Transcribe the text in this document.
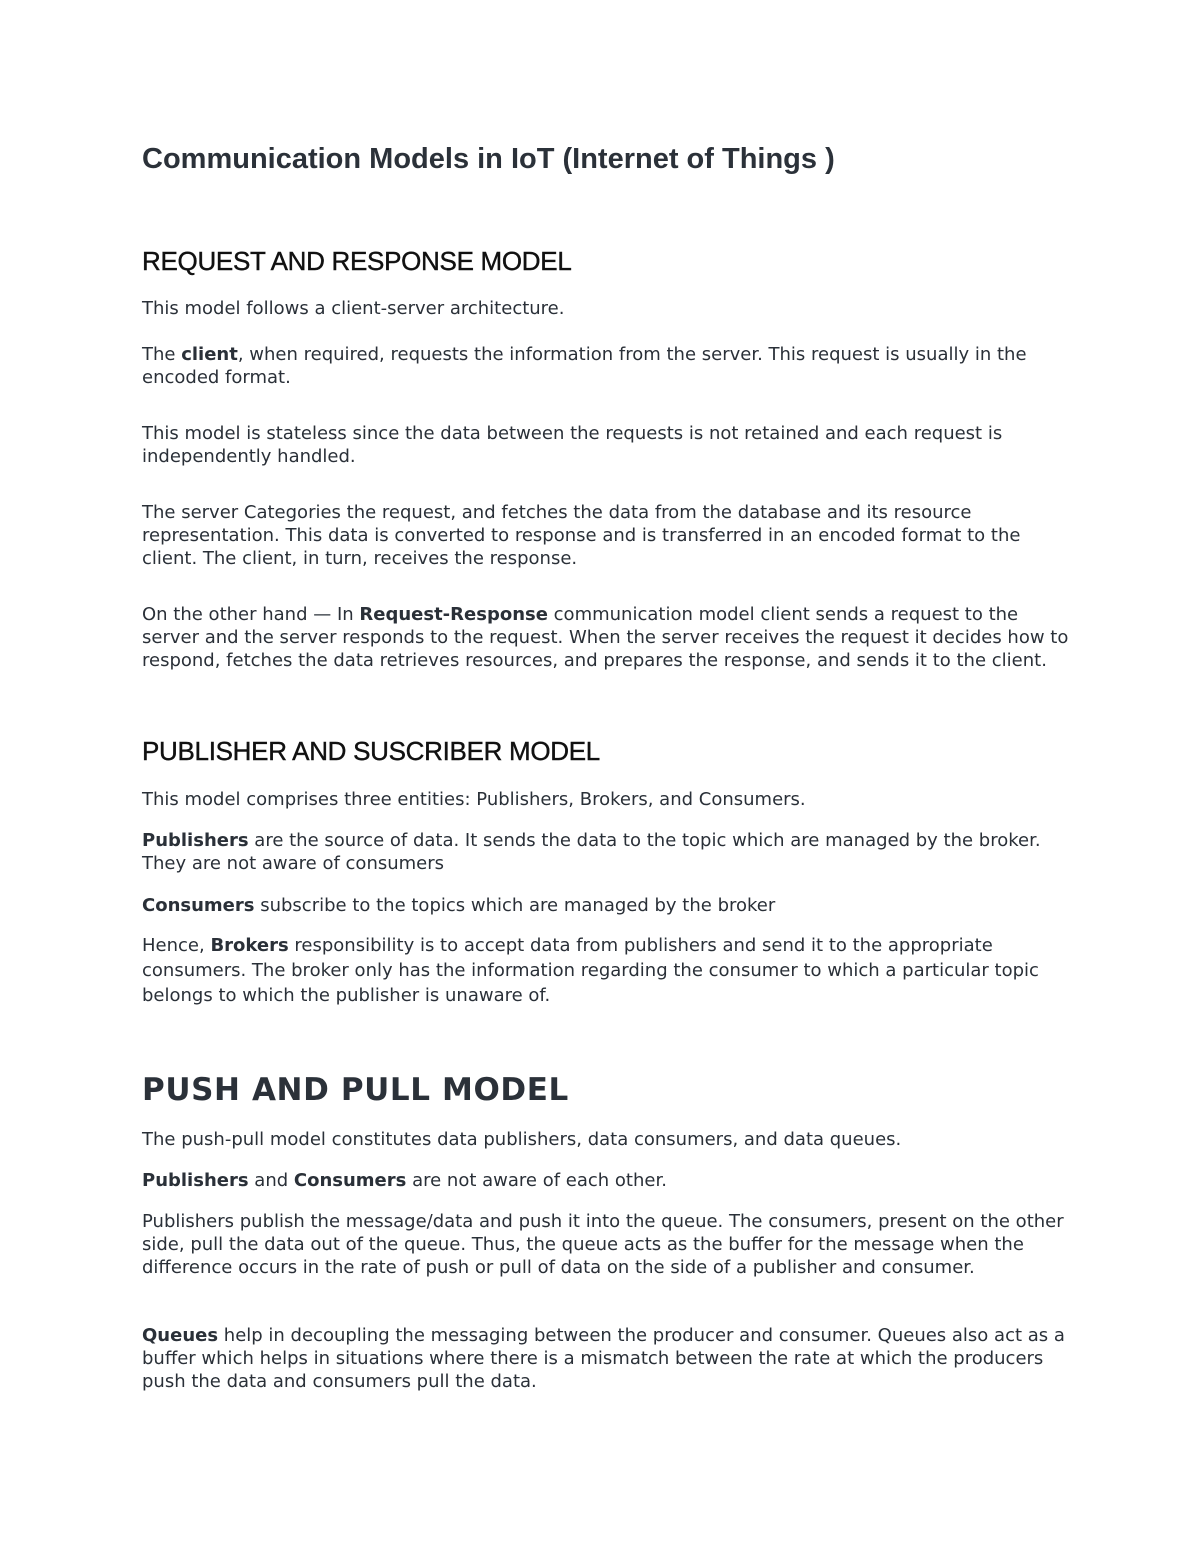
Communication Models in IoT (Internet of Things )
REQUEST AND RESPONSE MODEL

This model follows a client-server architecture.

The client, when required, requests the information from the server. This request is usually in the encoded format.

This model is stateless since the data between the requests is not retained and each request is independently handled.

The server Categories the request, and fetches the data from the database and its resource representation. This data is converted to response and is transferred in an encoded format to the client. The client, in turn, receives the response.

On the other hand — In Request-Response communication model client sends a request to the server and the server responds to the request. When the server receives the request it decides how to respond, fetches the data retrieves resources, and prepares the response, and sends it to the client.

PUBLISHER AND SUSCRIBER MODEL

This model comprises three entities: Publishers, Brokers, and Consumers.

Publishers are the source of data. It sends the data to the topic which are managed by the broker. They are not aware of consumers

Consumers subscribe to the topics which are managed by the broker

Hence, Brokers responsibility is to accept data from publishers and send it to the appropriate consumers. The broker only has the information regarding the consumer to which a particular topic belongs to which the publisher is unaware of.

PUSH AND PULL MODEL

The push-pull model constitutes data publishers, data consumers, and data queues.

Publishers and Consumers are not aware of each other.

Publishers publish the message/data and push it into the queue. The consumers, present on the other side, pull the data out of the queue. Thus, the queue acts as the buffer for the message when the difference occurs in the rate of push or pull of data on the side of a publisher and consumer.

Queues help in decoupling the messaging between the producer and consumer. Queues also act as a buffer which helps in situations where there is a mismatch between the rate at which the producers push the data and consumers pull the data.
